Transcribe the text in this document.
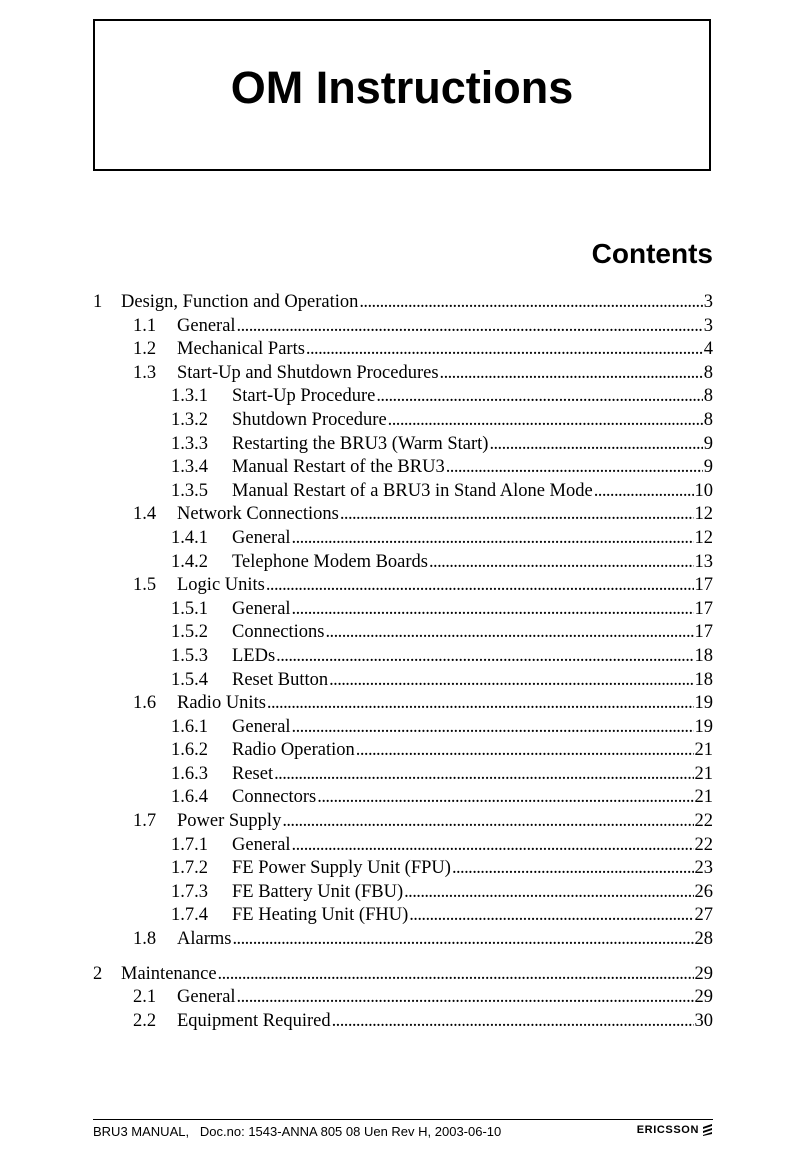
OM Instructions
Contents
1	Design, Function and Operation . . .	3
1.1	General . . .	3
1.2	Mechanical Parts . . .	4
1.3	Start-Up and Shutdown Procedures . . .	8
1.3.1	Start-Up Procedure . . .	8
1.3.2	Shutdown Procedure . . .	8
1.3.3	Restarting the BRU3 (Warm Start) . . .	9
1.3.4	Manual Restart of the BRU3 . . .	9
1.3.5	Manual Restart of a BRU3 in Stand Alone Mode . . .	10
1.4	Network Connections . . .	12
1.4.1	General . . .	12
1.4.2	Telephone Modem Boards . . .	13
1.5	Logic Units . . .	17
1.5.1	General . . .	17
1.5.2	Connections . . .	17
1.5.3	LEDs . . .	18
1.5.4	Reset Button . . .	18
1.6	Radio Units . . .	19
1.6.1	General . . .	19
1.6.2	Radio Operation . . .	21
1.6.3	Reset . . .	21
1.6.4	Connectors . . .	21
1.7	Power Supply . . .	22
1.7.1	General . . .	22
1.7.2	FE Power Supply Unit (FPU) . . .	23
1.7.3	FE Battery Unit (FBU) . . .	26
1.7.4	FE Heating Unit (FHU) . . .	27
1.8	Alarms . . .	28
2	Maintenance . . .	29
2.1	General . . .	29
2.2	Equipment Required . . .	30
BRU3 MANUAL,   Doc.no: 1543-ANNA 805 08 Uen Rev H, 2003-06-10	ERICSSON
